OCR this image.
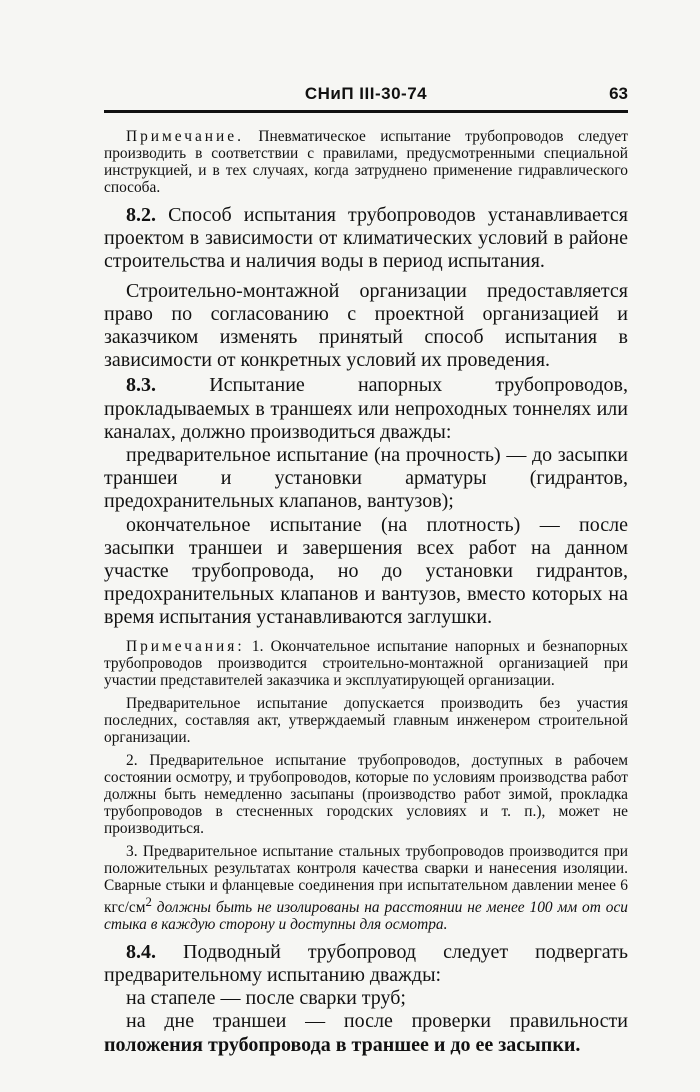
СНиП III-30-74	63

Примечание. Пневматическое испытание трубопроводов следует производить в соответствии с правилами, предусмотренными специальной инструкцией, и в тех случаях, когда затруднено применение гидравлического способа.

8.2. Способ испытания трубопроводов устанавливается проектом в зависимости от климатических условий в районе строительства и наличия воды в период испытания.

Строительно-монтажной организации предоставляется право по согласованию с проектной организацией и заказчиком изменять принятый способ испытания в зависимости от конкретных условий их проведения.

8.3.	Испытание напорных трубопроводов, прокладываемых в траншеях или непроходных тоннелях или каналах, должно производиться дважды:

предварительное испытание (на прочность) — до засыпки траншеи и установки арматуры (гидрантов, предохранительных клапанов, вантузов);

окончательное испытание (на плотность) — после засыпки траншеи и завершения всех работ на данном участке трубопровода, но до установки гидрантов, предохранительных клапанов и вантузов, вместо которых на время испытания устанавливаются заглушки.

Примечания: 1. Окончательное испытание напорных и безнапорных трубопроводов производится строительно-монтажной организацией при участии представителей заказчика и эксплуатирующей организации.

Предварительное испытание допускается производить без участия последних, составляя акт, утверждаемый главным инженером строительной организации.

2. Предварительное испытание трубопроводов, доступных в рабочем состоянии осмотру, и трубопроводов, которые по условиям производства работ должны быть немедленно засыпаны (производство работ зимой, прокладка трубопроводов в стесненных городских условиях и т. п.), может не производиться.

3. Предварительное испытание стальных трубопроводов производится при положительных результатах контроля качества сварки и нанесения изоляции. Сварные стыки и фланцевые соединения при испытательном давлении менее 6 кгс/$см^2$ должны быть не изолированы на расстоянии не менее 100 мм от оси стыка в каждую сторону и доступны для осмотра.

8.4. Подводный трубопровод следует подвергать предварительному испытанию дважды:

на стапеле — после сварки труб;

на дне траншеи — после проверки правильности положения трубопровода в траншее и до ее засыпки.
